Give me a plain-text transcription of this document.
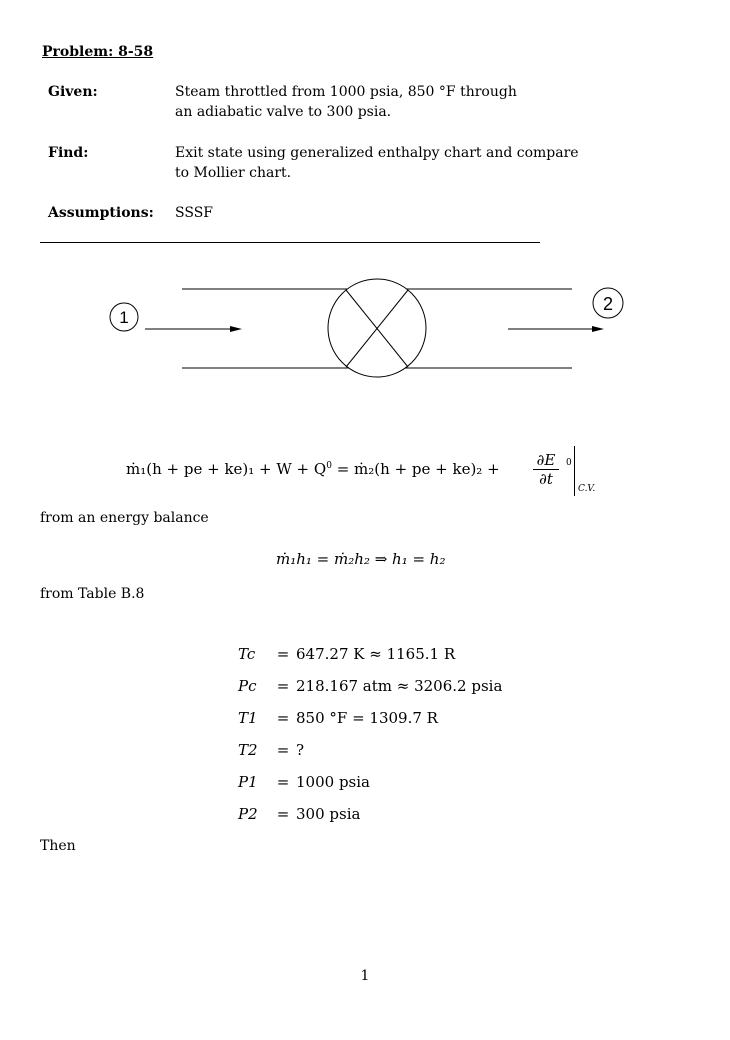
Problem: 8-58
Given:	Steam throttled from 1000 psia, 850 °F through
an adiabatic valve to 300 psia.
Find:	Exit state using generalized enthalpy chart and compare
to Mollier chart.
Assumptions: SSSF
1
2
ṁ₁(h + pe + $ke)_1 + W + Q^0$ = ṁ₂(h + pe + $ke)_2 + \frac{\partial E}{\partial t} 0$
C.V.
from an energy balance
ṁ₁h₁ = ṁ₂h₂ ⇒ h₁ = h₂
from Table B.8
Tc	=	647.27 K ≈ 1165.1 R
Pc	=	218.167 atm ≈ 3206.2 psia
T1	=	850 °F = 1309.7 R
T2	=	?
P1	=	1000 psia
P2	=	300 psia
Then
1
